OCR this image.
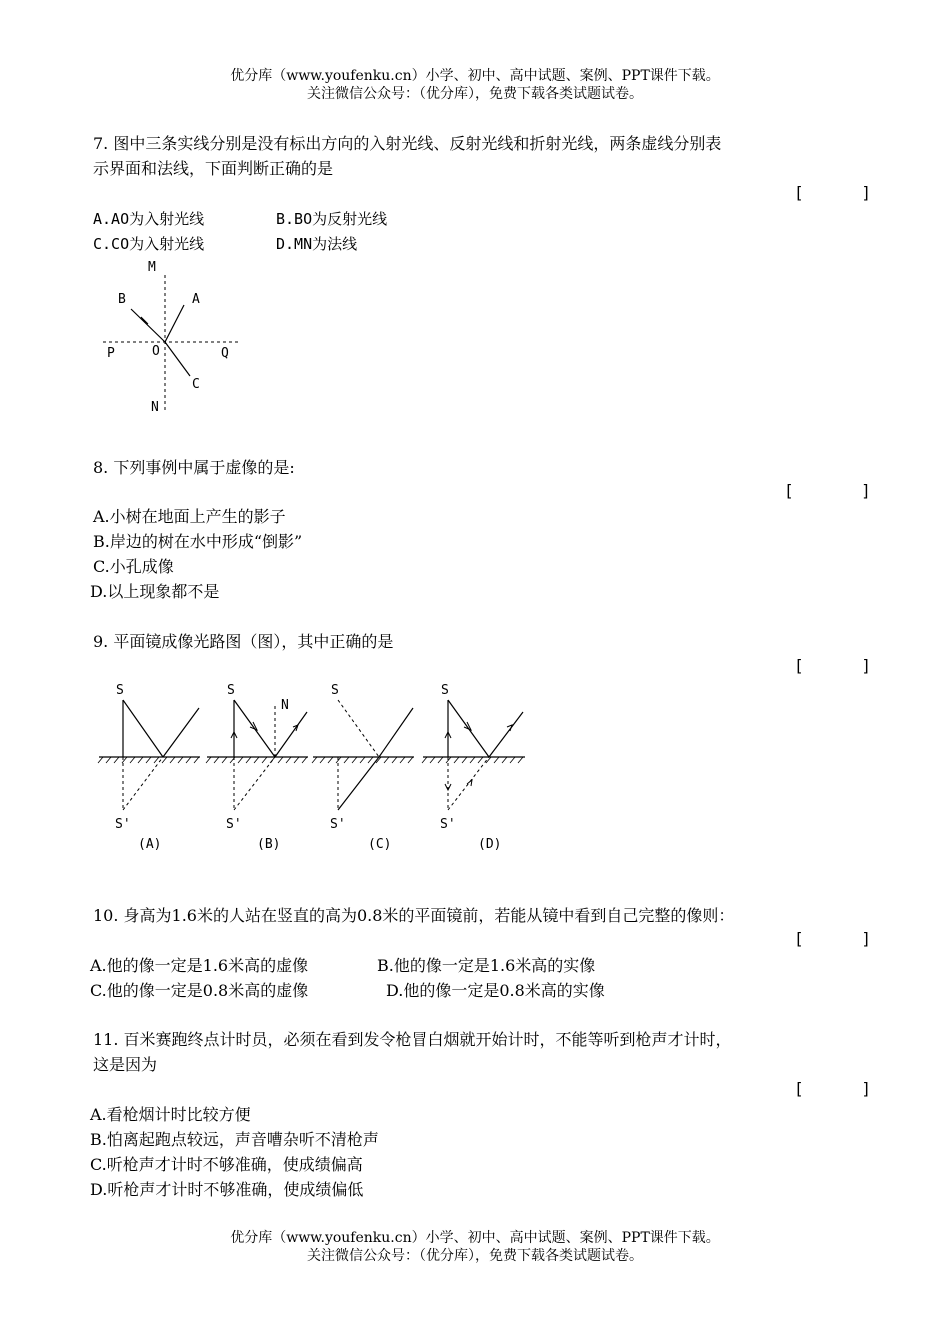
优分库（www.youfenku.cn）小学、初中、高中试题、案例、PPT课件下载。
关注微信公众号：（优分库），免费下载各类试题试卷。
7. 图中三条实线分别是没有标出方向的入射光线、反射光线和折射光线，两条虚线分别表
示界面和法线，下面判断正确的是
[      ]
A.AO为入射光线	B.BO为反射光线
C.CO为入射光线	D.MN为法线
M
N
P	Q
O
A
B
C
8. 下列事例中属于虚像的是:
[       ]
A.小树在地面上产生的影子
B.岸边的树在水中形成“倒影”
C.小孔成像
D.以上现象都不是
9. 平面镜成像光路图（图），其中正确的是
[      ]
S
S'
(A)
S
N
S'
(B)
S
S'
(C)
S
S'
(D)
10. 身高为1.6米的人站在竖直的高为0.8米的平面镜前，若能从镜中看到自己完整的像则：
[      ]
A.他的像一定是1.6米高的虚像	B.他的像一定是1.6米高的实像
C.他的像一定是0.8米高的虚像	D.他的像一定是0.8米高的实像
11. 百米赛跑终点计时员，必须在看到发令枪冒白烟就开始计时，不能等听到枪声才计时，
这是因为
[      ]
A.看枪烟计时比较方便
B.怕离起跑点较远，声音嘈杂听不清枪声
C.听枪声才计时不够准确，使成绩偏高
D.听枪声才计时不够准确，使成绩偏低
优分库（www.youfenku.cn）小学、初中、高中试题、案例、PPT课件下载。
关注微信公众号：（优分库），免费下载各类试题试卷。
